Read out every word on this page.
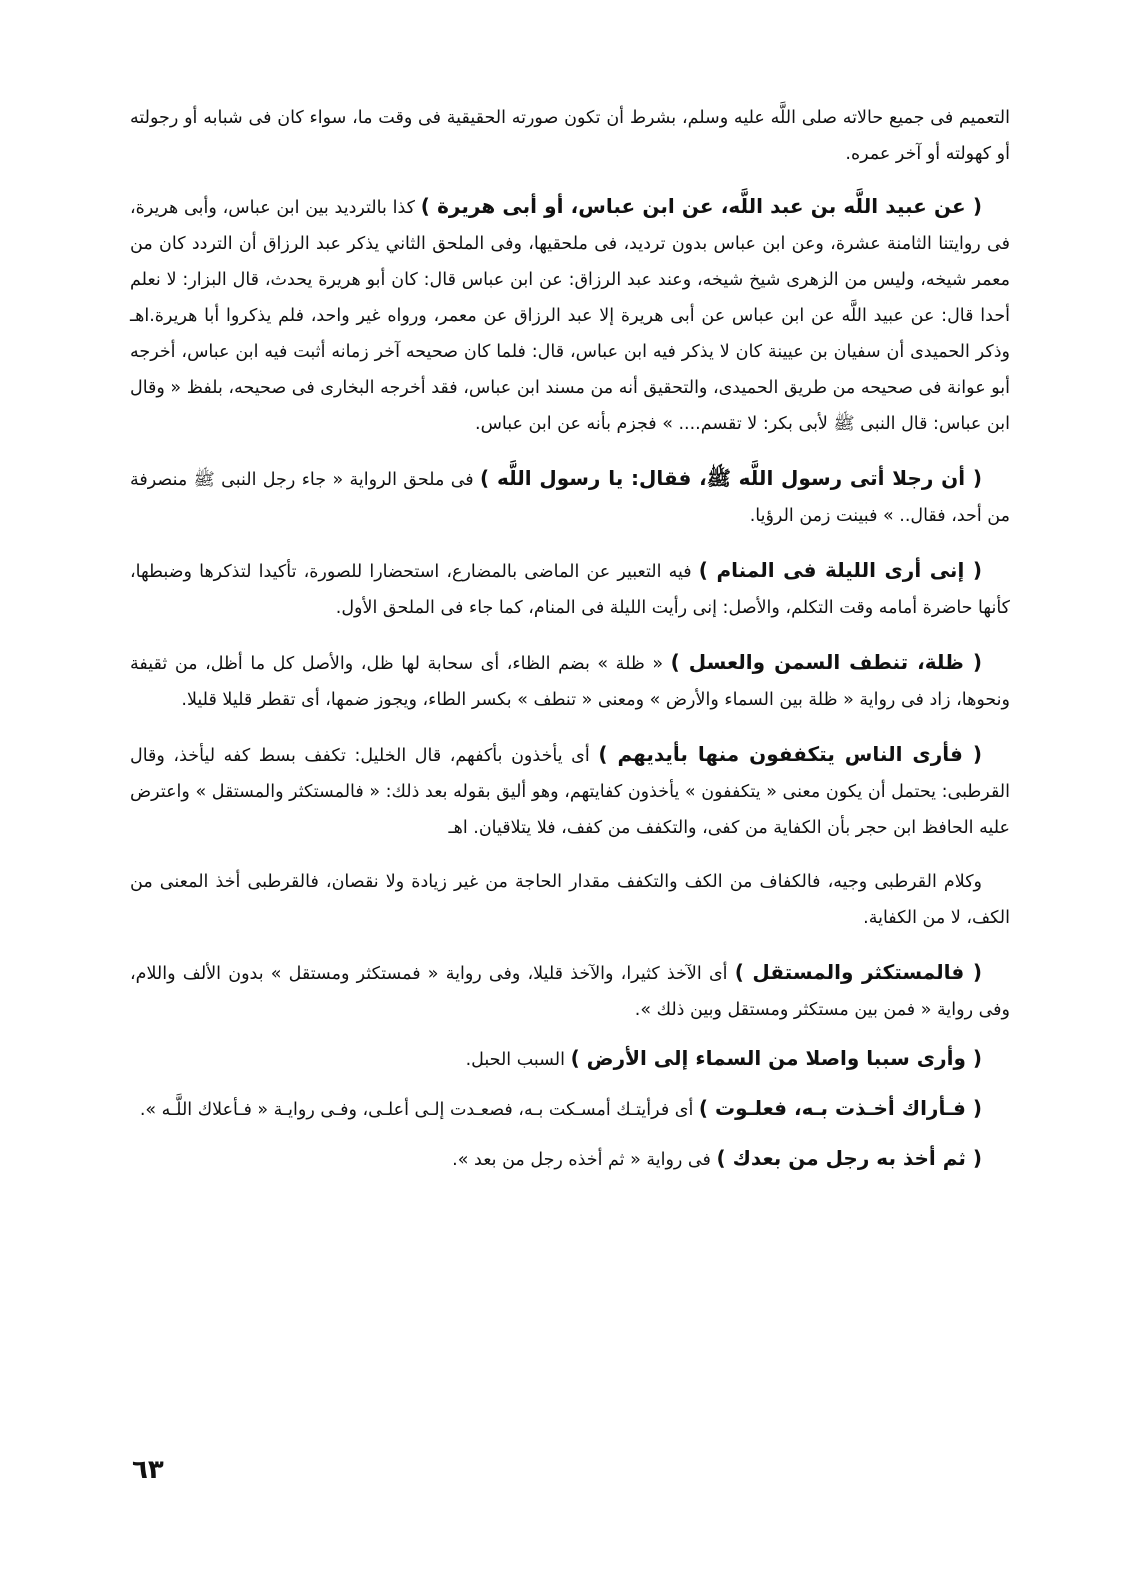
التعميم فى جميع حالاته صلى اللَّه عليه وسلم، بشرط أن تكون صورته الحقيقية فى وقت ما، سواء كان فى شبابه أو رجولته أو كهولته أو آخر عمره.

( عن عبيد اللَّه بن عبد اللَّه، عن ابن عباس، أو أبى هريرة ) كذا بالترديد بين ابن عباس، وأبى هريرة، فى روايتنا الثامنة عشرة، وعن ابن عباس بدون ترديد، فى ملحقيها، وفى الملحق الثاني يذكر عبد الرزاق أن التردد كان من معمر شيخه، وليس من الزهرى شيخ شيخه، وعند عبد الرزاق: عن ابن عباس قال: كان أبو هريرة يحدث، قال البزار: لا نعلم أحدا قال: عن عبيد اللَّه عن ابن عباس عن أبى هريرة إلا عبد الرزاق عن معمر، ورواه غير واحد، فلم يذكروا أبا هريرة.اهـ وذكر الحميدى أن سفيان بن عيينة كان لا يذكر فيه ابن عباس، قال: فلما كان صحيحه آخر زمانه أثبت فيه ابن عباس، أخرجه أبو عوانة فى صحيحه من طريق الحميدى، والتحقيق أنه من مسند ابن عباس، فقد أخرجه البخارى فى صحيحه، بلفظ « وقال ابن عباس: قال النبى ﷺ لأبى بكر: لا تقسم.... » فجزم بأنه عن ابن عباس.

( أن رجلا أتى رسول اللَّه ﷺ، فقال: يا رسول اللَّه ) فى ملحق الرواية « جاء رجل النبى ﷺ منصرفة من أحد، فقال.. » فبينت زمن الرؤيا.

( إنى أرى الليلة فى المنام ) فيه التعبير عن الماضى بالمضارع، استحضارا للصورة، تأكيدا لتذكرها وضبطها، كأنها حاضرة أمامه وقت التكلم، والأصل: إنى رأيت الليلة فى المنام، كما جاء فى الملحق الأول.

( ظلة، تنطف السمن والعسل ) « ظلة » بضم الظاء، أى سحابة لها ظل، والأصل كل ما أظل، من ثقيفة ونحوها، زاد فى رواية « ظلة بين السماء والأرض » ومعنى « تنطف » بكسر الطاء، ويجوز ضمها، أى تقطر قليلا قليلا.

( فأرى الناس يتكففون منها بأيديهم ) أى يأخذون بأكفهم، قال الخليل: تكفف بسط كفه ليأخذ، وقال القرطبى: يحتمل أن يكون معنى « يتكففون » يأخذون كفايتهم، وهو أليق بقوله بعد ذلك: « فالمستكثر والمستقل » واعترض عليه الحافظ ابن حجر بأن الكفاية من كفى، والتكفف من كفف، فلا يتلاقيان. اهـ

وكلام القرطبى وجيه، فالكفاف من الكف والتكفف مقدار الحاجة من غير زيادة ولا نقصان، فالقرطبى أخذ المعنى من الكف، لا من الكفاية.

( فالمستكثر والمستقل ) أى الآخذ كثيرا، والآخذ قليلا، وفى رواية « فمستكثر ومستقل » بدون الألف واللام، وفى رواية « فمن بين مستكثر ومستقل وبين ذلك ».

( وأرى سببا واصلا من السماء إلى الأرض ) السبب الحبل.

( فـأراك أخـذت بـه، فعلـوت ) أى فرأيتـك أمسـكت بـه، فصعـدت إلـى أعلـى، وفـى روايـة « فـأعلاك اللَّـه ».

( ثم أخذ به رجل من بعدك ) فى رواية « ثم أخذه رجل من بعد ».

٦٣
